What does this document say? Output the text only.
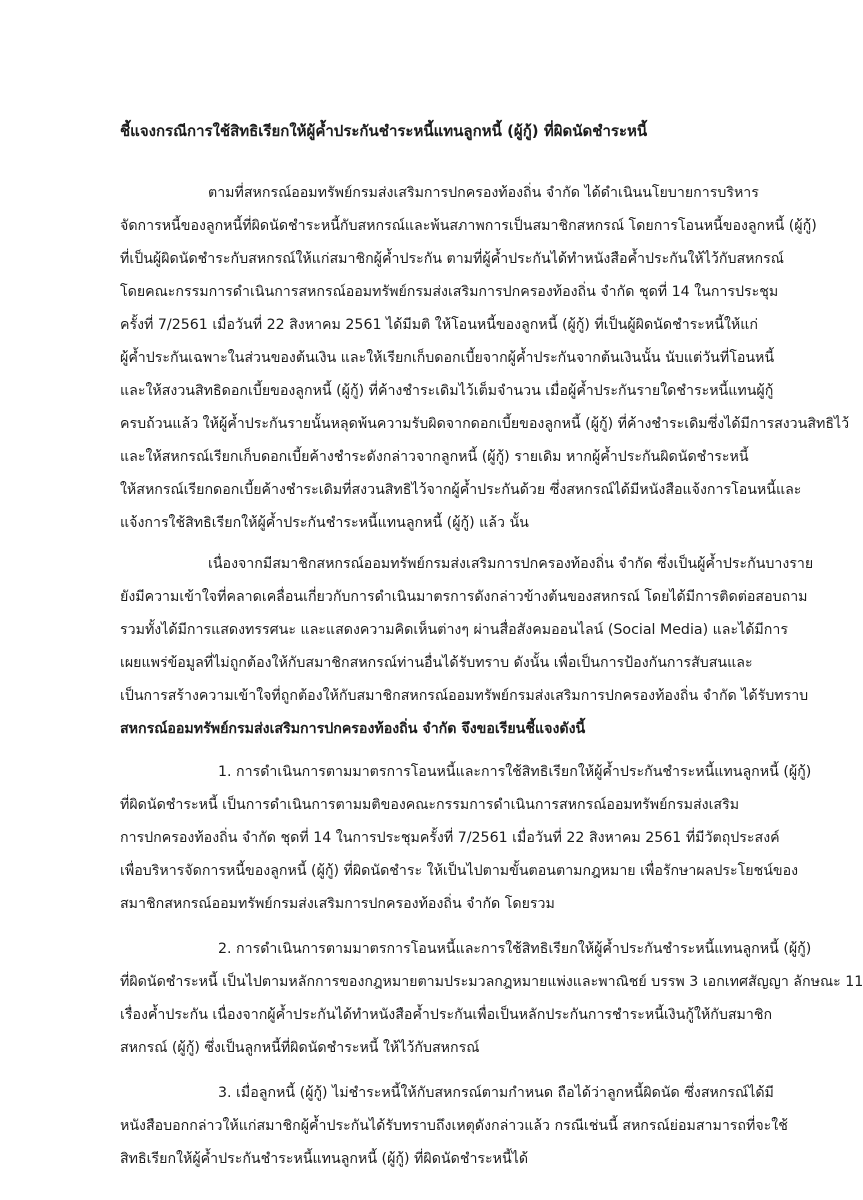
ชี้แจงกรณีการใช้สิทธิเรียกให้ผู้ค้ำประกันชำระหนี้แทนลูกหนี้ (ผู้กู้) ที่ผิดนัดชำระหนี้
ตามที่สหกรณ์ออมทรัพย์กรมส่งเสริมการปกครองท้องถิ่น จำกัด ได้ดำเนินนโยบายการบริหาร
จัดการหนี้ของลูกหนี้ที่ผิดนัดชำระหนี้กับสหกรณ์และพ้นสภาพการเป็นสมาชิกสหกรณ์ โดยการโอนหนี้ของลูกหนี้ (ผู้กู้)
ที่เป็นผู้ผิดนัดชำระกับสหกรณ์ให้แก่สมาชิกผู้ค้ำประกัน ตามที่ผู้ค้ำประกันได้ทำหนังสือค้ำประกันให้ไว้กับสหกรณ์
โดยคณะกรรมการดำเนินการสหกรณ์ออมทรัพย์กรมส่งเสริมการปกครองท้องถิ่น จำกัด ชุดที่ 14 ในการประชุม
ครั้งที่ 7/2561 เมื่อวันที่ 22 สิงหาคม 2561 ได้มีมติ ให้โอนหนี้ของลูกหนี้ (ผู้กู้) ที่เป็นผู้ผิดนัดชำระหนี้ให้แก่
ผู้ค้ำประกันเฉพาะในส่วนของต้นเงิน และให้เรียกเก็บดอกเบี้ยจากผู้ค้ำประกันจากต้นเงินนั้น นับแต่วันที่โอนหนี้
และให้สงวนสิทธิดอกเบี้ยของลูกหนี้ (ผู้กู้) ที่ค้างชำระเดิมไว้เต็มจำนวน เมื่อผู้ค้ำประกันรายใดชำระหนี้แทนผู้กู้
ครบถ้วนแล้ว ให้ผู้ค้ำประกันรายนั้นหลุดพ้นความรับผิดจากดอกเบี้ยของลูกหนี้ (ผู้กู้) ที่ค้างชำระเดิมซึ่งได้มีการสงวนสิทธิไว้
และให้สหกรณ์เรียกเก็บดอกเบี้ยค้างชำระดังกล่าวจากลูกหนี้ (ผู้กู้) รายเดิม หากผู้ค้ำประกันผิดนัดชำระหนี้
ให้สหกรณ์เรียกดอกเบี้ยค้างชำระเดิมที่สงวนสิทธิไว้จากผู้ค้ำประกันด้วย ซึ่งสหกรณ์ได้มีหนังสือแจ้งการโอนหนี้และ
แจ้งการใช้สิทธิเรียกให้ผู้ค้ำประกันชำระหนี้แทนลูกหนี้ (ผู้กู้) แล้ว นั้น
เนื่องจากมีสมาชิกสหกรณ์ออมทรัพย์กรมส่งเสริมการปกครองท้องถิ่น จำกัด ซึ่งเป็นผู้ค้ำประกันบางราย
ยังมีความเข้าใจที่คลาดเคลื่อนเกี่ยวกับการดำเนินมาตรการดังกล่าวข้างต้นของสหกรณ์ โดยได้มีการติดต่อสอบถาม
รวมทั้งได้มีการแสดงทรรศนะ และแสดงความคิดเห็นต่างๆ ผ่านสื่อสังคมออนไลน์ (Social Media) และได้มีการ
เผยแพร่ข้อมูลที่ไม่ถูกต้องให้กับสมาชิกสหกรณ์ท่านอื่นได้รับทราบ ดังนั้น เพื่อเป็นการป้องกันการสับสนและ
เป็นการสร้างความเข้าใจที่ถูกต้องให้กับสมาชิกสหกรณ์ออมทรัพย์กรมส่งเสริมการปกครองท้องถิ่น จำกัด ได้รับทราบ
สหกรณ์ออมทรัพย์กรมส่งเสริมการปกครองท้องถิ่น จำกัด จึงขอเรียนชี้แจงดังนี้
1. การดำเนินการตามมาตรการโอนหนี้และการใช้สิทธิเรียกให้ผู้ค้ำประกันชำระหนี้แทนลูกหนี้ (ผู้กู้)
ที่ผิดนัดชำระหนี้ เป็นการดำเนินการตามมติของคณะกรรมการดำเนินการสหกรณ์ออมทรัพย์กรมส่งเสริม
การปกครองท้องถิ่น จำกัด ชุดที่ 14 ในการประชุมครั้งที่ 7/2561 เมื่อวันที่ 22 สิงหาคม 2561 ที่มีวัตถุประสงค์
เพื่อบริหารจัดการหนี้ของลูกหนี้ (ผู้กู้) ที่ผิดนัดชำระ ให้เป็นไปตามขั้นตอนตามกฎหมาย เพื่อรักษาผลประโยชน์ของ
สมาชิกสหกรณ์ออมทรัพย์กรมส่งเสริมการปกครองท้องถิ่น จำกัด โดยรวม
2. การดำเนินการตามมาตรการโอนหนี้และการใช้สิทธิเรียกให้ผู้ค้ำประกันชำระหนี้แทนลูกหนี้ (ผู้กู้)
ที่ผิดนัดชำระหนี้ เป็นไปตามหลักการของกฎหมายตามประมวลกฎหมายแพ่งและพาณิชย์ บรรพ 3 เอกเทศสัญญา ลักษณะ 11
เรื่องค้ำประกัน เนื่องจากผู้ค้ำประกันได้ทำหนังสือค้ำประกันเพื่อเป็นหลักประกันการชำระหนี้เงินกู้ให้กับสมาชิก
สหกรณ์ (ผู้กู้) ซึ่งเป็นลูกหนี้ที่ผิดนัดชำระหนี้ ให้ไว้กับสหกรณ์
3. เมื่อลูกหนี้ (ผู้กู้) ไม่ชำระหนี้ให้กับสหกรณ์ตามกำหนด ถือได้ว่าลูกหนี้ผิดนัด ซึ่งสหกรณ์ได้มี
หนังสือบอกกล่าวให้แก่สมาชิกผู้ค้ำประกันได้รับทราบถึงเหตุดังกล่าวแล้ว กรณีเช่นนี้ สหกรณ์ย่อมสามารถที่จะใช้
สิทธิเรียกให้ผู้ค้ำประกันชำระหนี้แทนลูกหนี้ (ผู้กู้) ที่ผิดนัดชำระหนี้ได้
